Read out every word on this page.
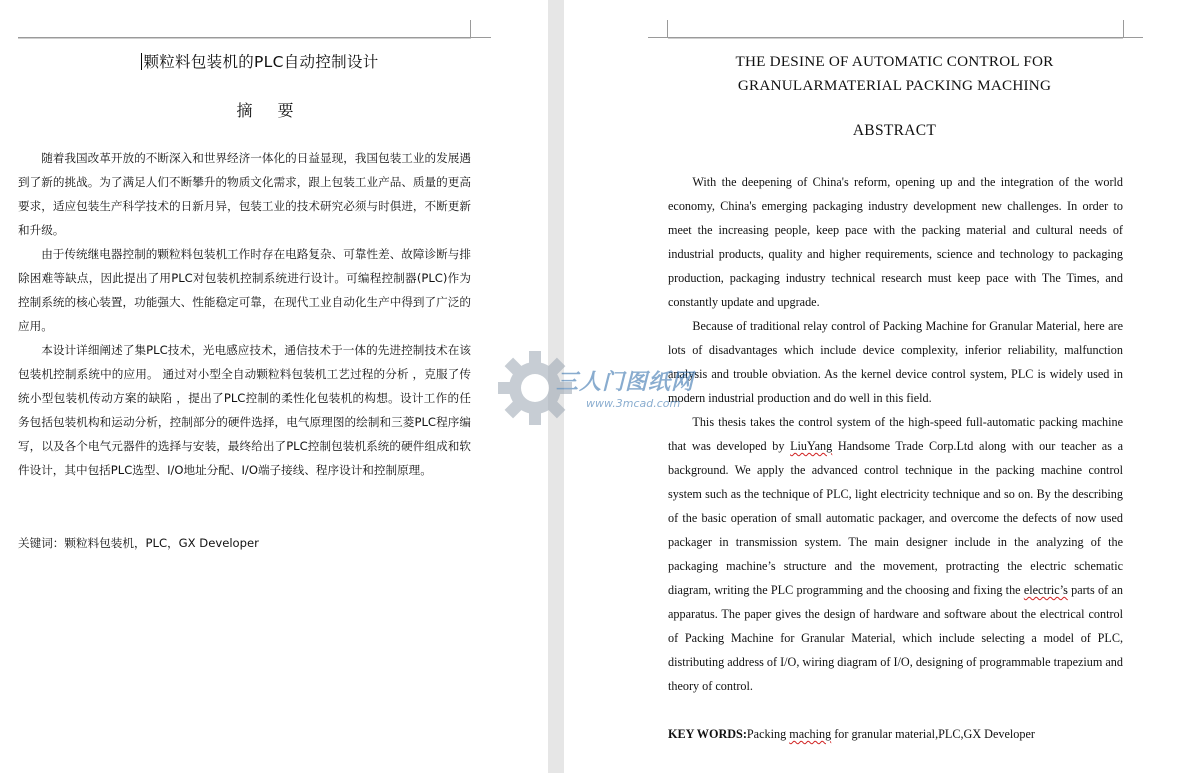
颗粒料包装机的PLC自动控制设计
摘 要

随着我国改革开放的不断深入和世界经济一体化的日益显现，我国包装工业的发展遇到了新的挑战。为了满足人们不断攀升的物质文化需求，跟上包装工业产品、质量的更高要求，适应包装生产科学技术的日新月异，包装工业的技术研究必须与时俱进，不断更新和升级。

由于传统继电器控制的颗粒料包装机工作时存在电路复杂、可靠性差、故障诊断与排除困难等缺点，因此提出了用PLC对包装机控制系统进行设计。可编程控制器(PLC)作为控制系统的核心装置，功能强大、性能稳定可靠，在现代工业自动化生产中得到了广泛的应用。

本设计详细阐述了集PLC技术，光电感应技术，通信技术于一体的先进控制技术在该包装机控制系统中的应用。 通过对小型全自动颗粒料包装机工艺过程的分析 ，克服了传统小型包装机传动方案的缺陷 ，提出了PLC控制的柔性化包装机的构想。设计工作的任务包括包装机构和运动分析，控制部分的硬件选择，电气原理图的绘制和三菱PLC程序编写，以及各个电气元器件的选择与安装，最终给出了PLC控制包装机系统的硬件组成和软件设计，其中包括PLC选型、I/O地址分配、I/O端子接线、程序设计和控制原理。

关键词：颗粒料包装机，PLC，GX Developer
THE DESINE OF AUTOMATIC CONTROL FOR
GRANULARMATERIAL PACKING MACHING
ABSTRACT

With the deepening of China's reform, opening up and the integration of the world economy, China's emerging packaging industry development new challenges. In order to meet the increasing people, keep pace with the packing material and cultural needs of industrial products, quality and higher requirements, science and technology to packaging production, packaging industry technical research must keep pace with The Times, and constantly update and upgrade.

Because of traditional relay control of Packing Machine for Granular Material, here are lots of disadvantages which include device complexity, inferior reliability, malfunction analysis and trouble obviation. As the kernel device control system, PLC is widely used in modern industrial production and do well in this field.

This thesis takes the control system of the high-speed full-automatic packing machine that was developed by LiuYang Handsome Trade Corp.Ltd along with our teacher as a background. We apply the advanced control technique in the packing machine control system such as the technique of PLC, light electricity technique and so on. By the describing of the basic operation of small automatic packager, and overcome the defects of now used packager in transmission system. The main designer include in the analyzing of the packaging machine’s structure and the movement, protracting the electric schematic diagram, writing the PLC programming and the choosing and fixing the electric’s parts of an apparatus. The paper gives the design of hardware and software about the electrical control of Packing Machine for Granular Material, which include selecting a model of PLC, distributing address of I/O, wiring diagram of I/O, designing of programmable trapezium and theory of control.

KEY WORDS:Packing maching for granular material,PLC,GX Developer
三人门图纸网
www.3mcad.com
